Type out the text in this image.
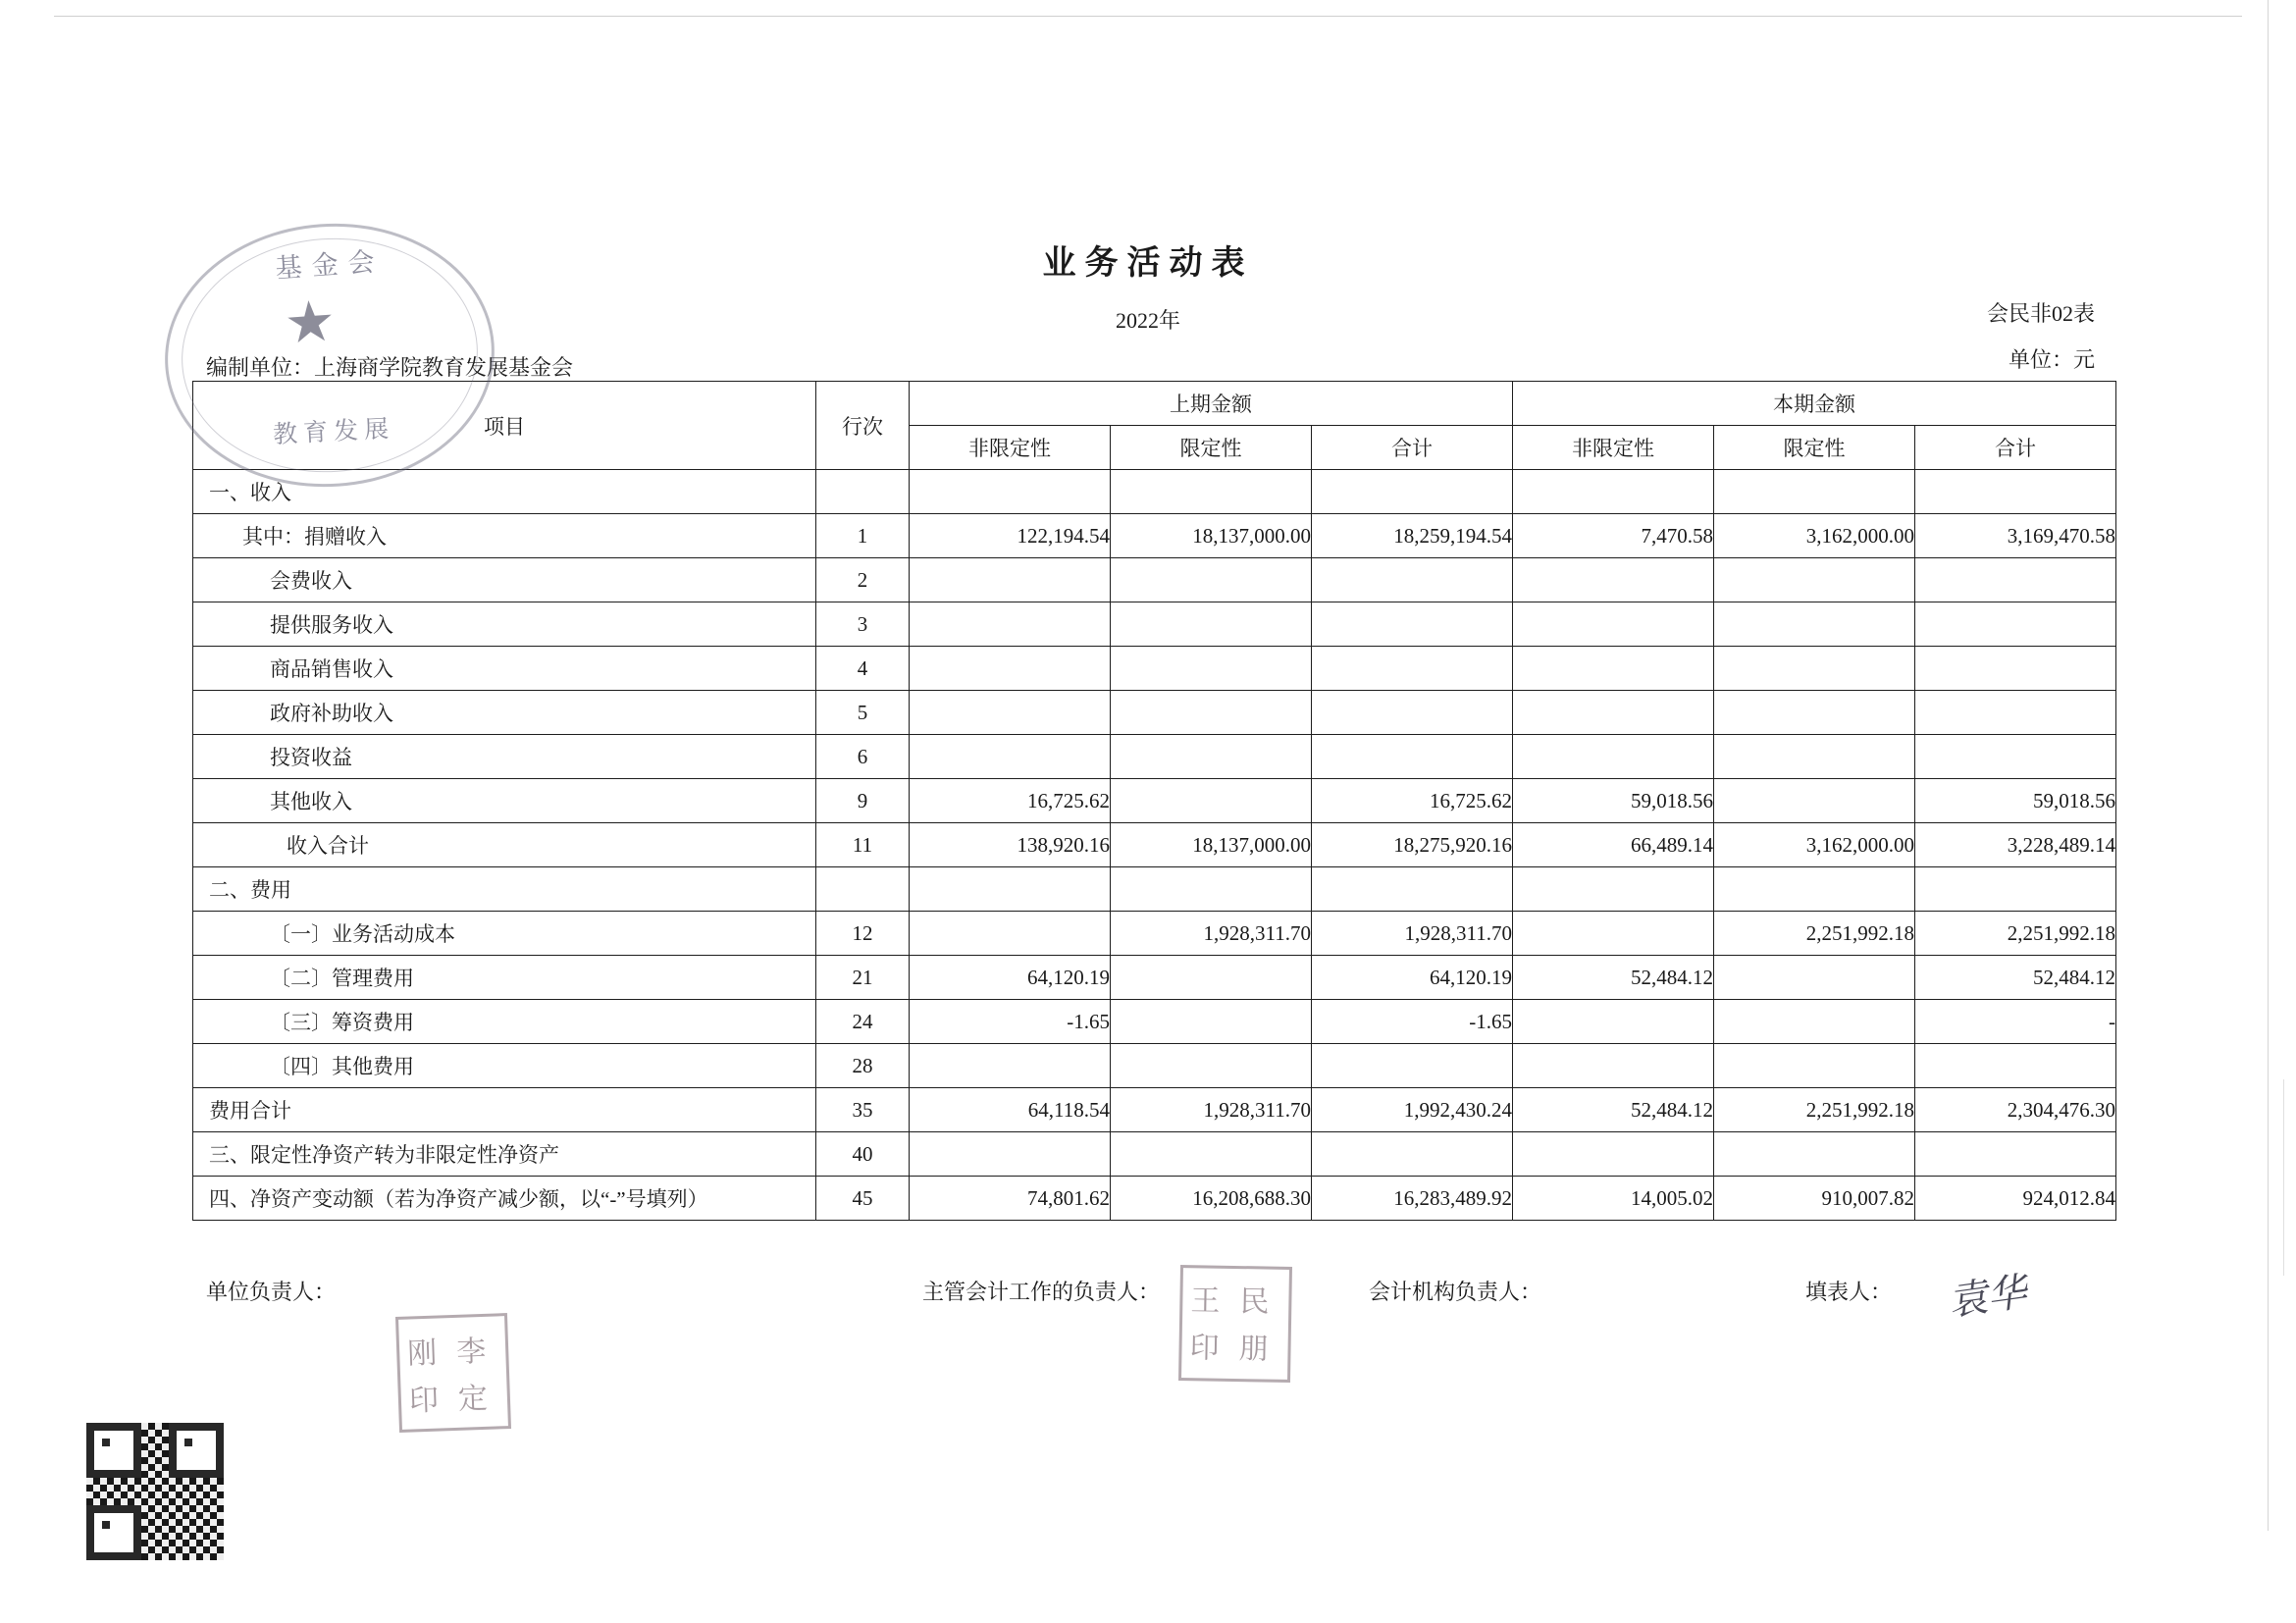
业务活动表
2022年	会民非02表
单位：元
编制单位：上海商学院教育发展基金会
项目	行次	上期金额			本期金额		
		非限定性	限定性	合计	非限定性	限定性	合计
一、收入							
其中：捐赠收入	1	122,194.54	18,137,000.00	18,259,194.54	7,470.58	3,162,000.00	3,169,470.58
会费收入	2						
提供服务收入	3						
商品销售收入	4						
政府补助收入	5						
投资收益	6						
其他收入	9	16,725.62		16,725.62	59,018.56		59,018.56
收入合计	11	138,920.16	18,137,000.00	18,275,920.16	66,489.14	3,162,000.00	3,228,489.14
二、费用							
〔一〕业务活动成本	12		1,928,311.70	1,928,311.70		2,251,992.18	2,251,992.18
〔二〕管理费用	21	64,120.19		64,120.19	52,484.12		52,484.12
〔三〕筹资费用	24	-1.65		-1.65			-
〔四〕其他费用	28						
费用合计	35	64,118.54	1,928,311.70	1,992,430.24	52,484.12	2,251,992.18	2,304,476.30
三、限定性净资产转为非限定性净资产	40						
四、净资产变动额（若为净资产减少额，以“-”号填列）	45	74,801.62	16,208,688.30	16,283,489.92	14,005.02	910,007.82	924,012.84
单位负责人：	主管会计工作的负责人：	会计机构负责人：	填表人：
★
基金会
教育发展
刚 李
印 定
王 民
印 朋
袁华
